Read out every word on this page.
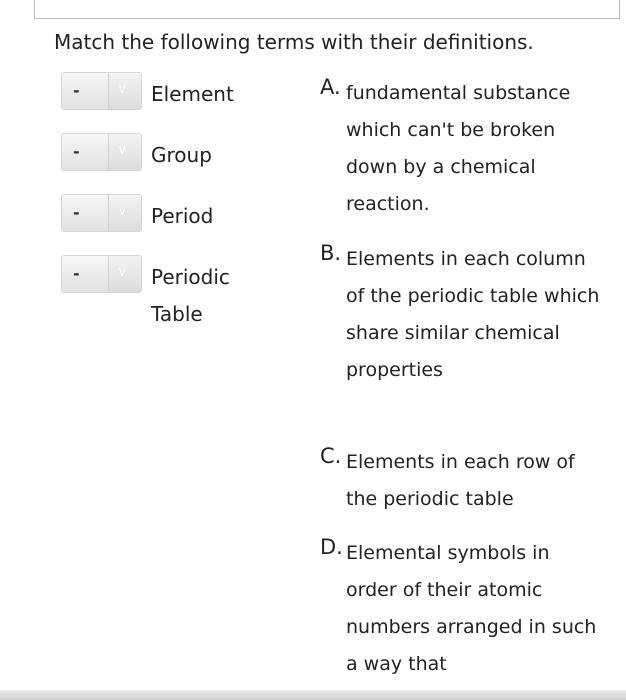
Match the following terms with their definitions.
-	∨ Element
-	∨ Group
-	∨ Period
-	∨ Periodic Table
A. fundamental substance which can't be broken down by a chemical reaction.
B. Elements in each column of the periodic table which share similar chemical properties
C. Elements in each row of the periodic table
D. Elemental symbols in order of their atomic numbers arranged in such a way that
